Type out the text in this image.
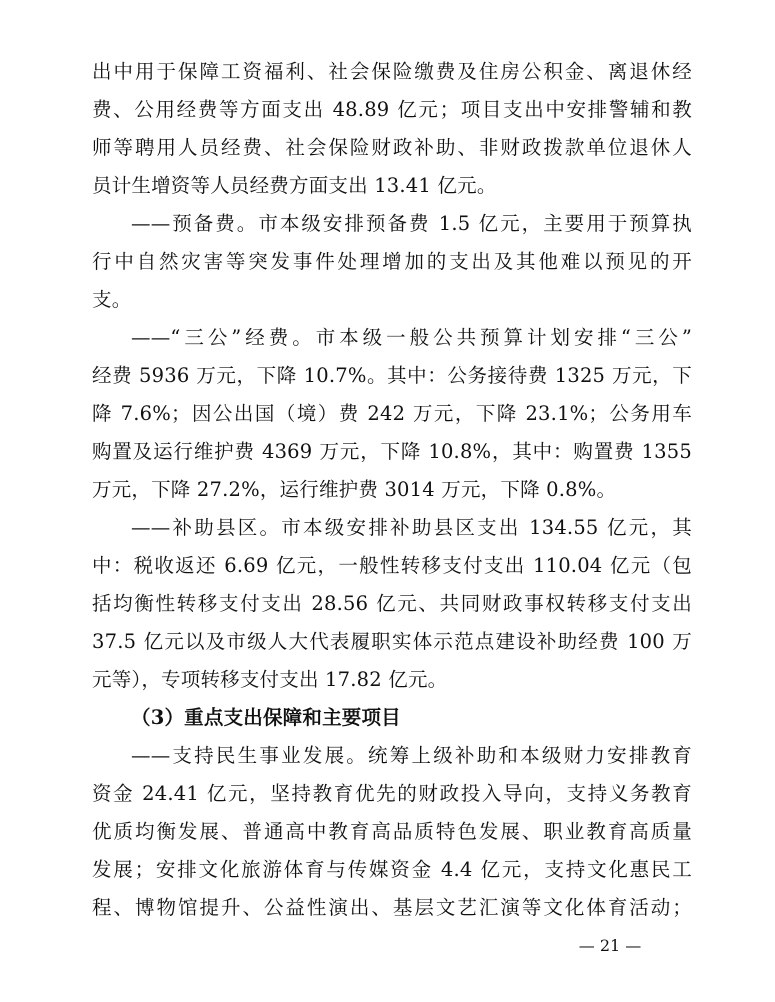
出中用于保障工资福利、社会保险缴费及住房公积金、离退休经
费、公用经费等方面支出 48.89 亿元；项目支出中安排警辅和教
师等聘用人员经费、社会保险财政补助、非财政拨款单位退休人
员计生增资等人员经费方面支出 13.41 亿元。
——预备费。市本级安排预备费 1.5 亿元，主要用于预算执
行中自然灾害等突发事件处理增加的支出及其他难以预见的开
支。
——“三公”经费。市本级一般公共预算计划安排“三公”
经费 5936 万元，下降 10.7%。其中：公务接待费 1325 万元，下
降 7.6%；因公出国（境）费 242 万元，下降 23.1%；公务用车
购置及运行维护费 4369 万元，下降 10.8%，其中：购置费 1355
万元，下降 27.2%，运行维护费 3014 万元，下降 0.8%。
——补助县区。市本级安排补助县区支出 134.55 亿元，其
中：税收返还 6.69 亿元，一般性转移支付支出 110.04 亿元（包
括均衡性转移支付支出 28.56 亿元、共同财政事权转移支付支出
37.5 亿元以及市级人大代表履职实体示范点建设补助经费 100 万
元等），专项转移支付支出 17.82 亿元。
（3）重点支出保障和主要项目
——支持民生事业发展。统筹上级补助和本级财力安排教育
资金 24.41 亿元，坚持教育优先的财政投入导向，支持义务教育
优质均衡发展、普通高中教育高品质特色发展、职业教育高质量
发展；安排文化旅游体育与传媒资金 4.4 亿元，支持文化惠民工
程、博物馆提升、公益性演出、基层文艺汇演等文化体育活动；
— 21 —
